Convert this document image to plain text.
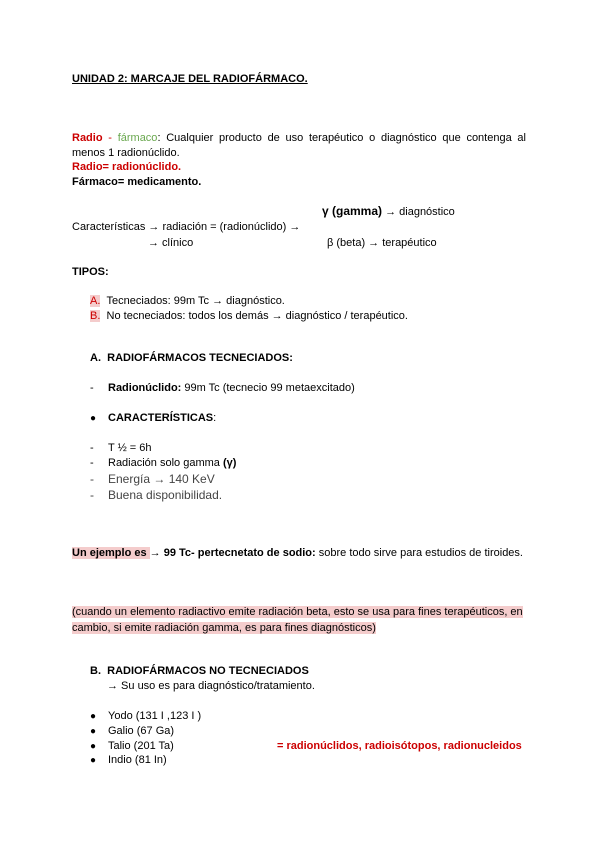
UNIDAD 2: MARCAJE DEL RADIOFÁRMACO.
Radio - fármaco: Cualquier producto de uso terapéutico o diagnóstico que contenga al menos 1 radionúclido.
Radio= radionúclido.
Fármaco= medicamento.
γ (gamma) → diagnóstico
Características → radiación = (radionúclido) →
→ clínico	β (beta) → terapéutico
TIPOS:
A. Tecneciados: 99m Tc → diagnóstico.
B. No tecneciados: todos los demás → diagnóstico / terapéutico.
A. RADIOFÁRMACOS TECNECIADOS:
- Radionúclido: 99m Tc (tecnecio 99 metaexcitado)
● CARACTERÍSTICAS:
- T ½ = 6h
- Radiación solo gamma (γ)
- Energía → 140 KeV
- Buena disponibilidad.
Un ejemplo es → 99 Tc- pertecnetato de sodio: sobre todo sirve para estudios de tiroides.
(cuando un elemento radiactivo emite radiación beta, esto se usa para fines terapéuticos, en cambio, si emite radiación gamma, es para fines diagnósticos)
B. RADIOFÁRMACOS NO TECNECIADOS
→ Su uso es para diagnóstico/tratamiento.
● Yodo (131 I ,123 I )
● Galio (67 Ga)
● Talio (201 Ta)	= radionúclidos, radioisótopos, radionucleidos
● Indio (81 In)
